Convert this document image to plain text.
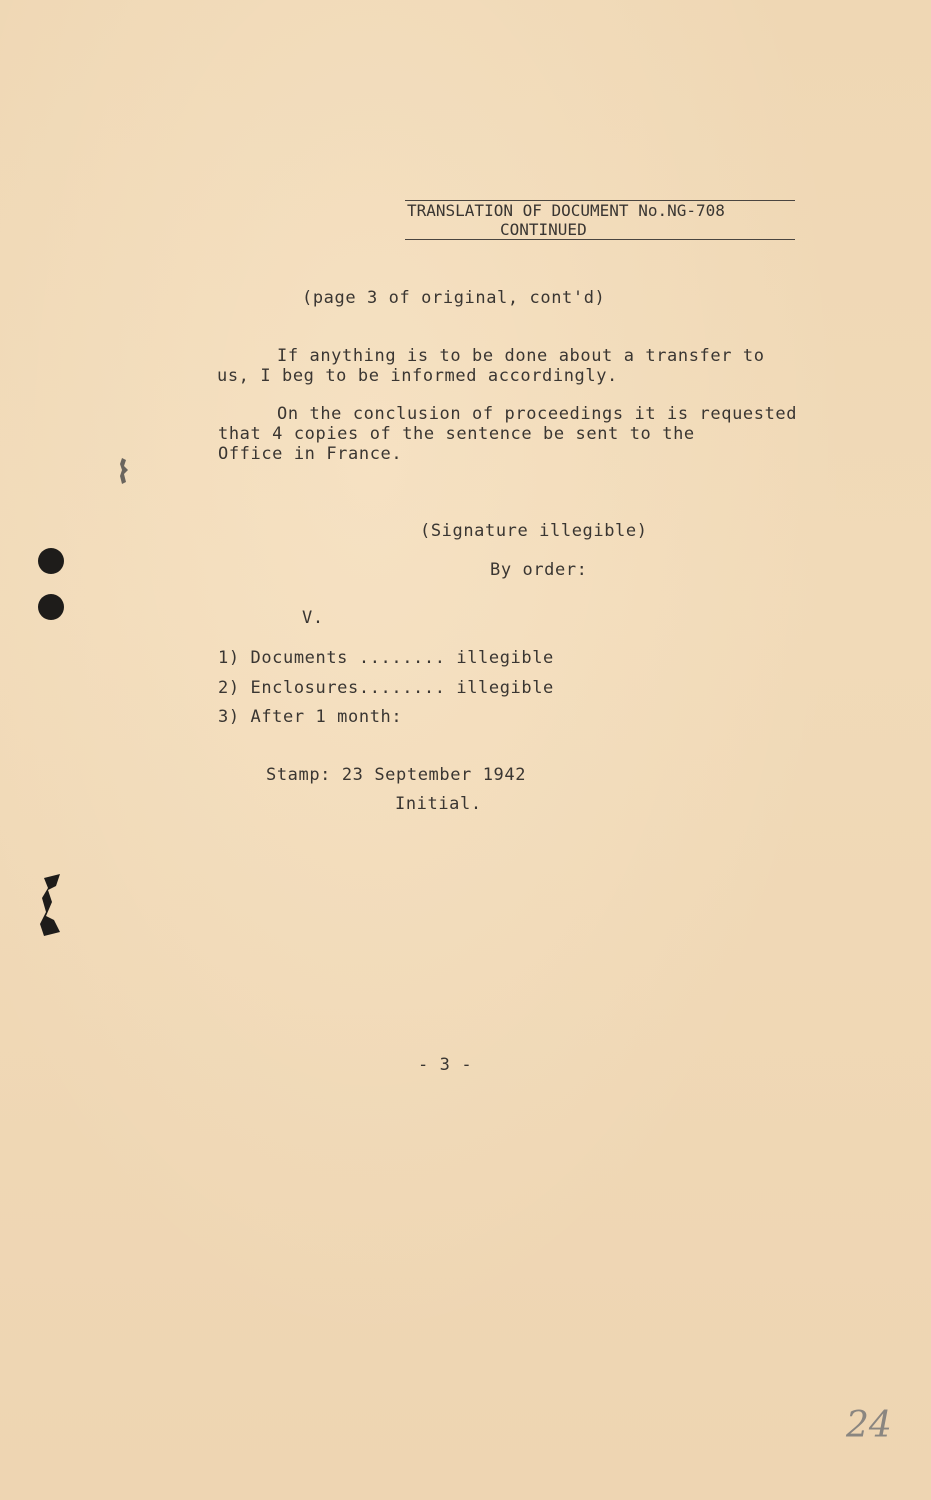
TRANSLATION OF DOCUMENT No.NG-708
CONTINUED
(page 3 of original, cont'd)
If anything is to be done about a transfer to
us, I beg to be informed accordingly.
On the conclusion of proceedings it is requested
that 4 copies of the sentence be sent to the
Office in France.
(Signature illegible)
By order:
V.
1) Documents ........ illegible
2) Enclosures........ illegible
3) After 1 month:
Stamp: 23 September 1942
Initial.
- 3 -
24
